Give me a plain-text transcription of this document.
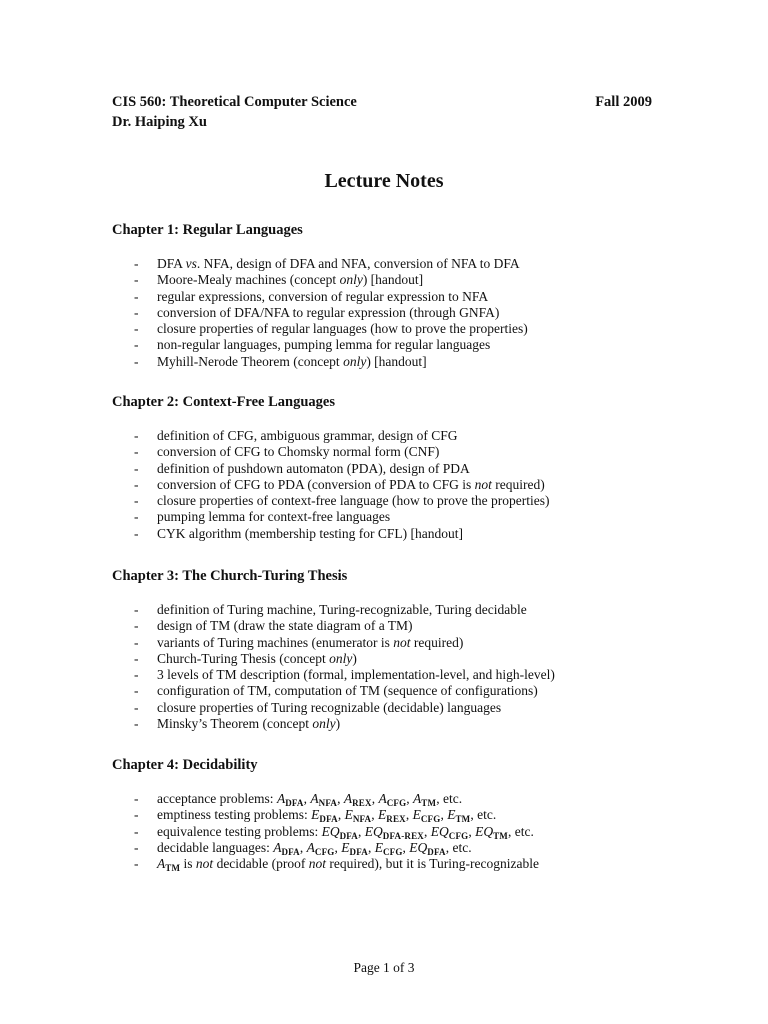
CIS 560: Theoretical Computer Science	Fall 2009
Dr. Haiping Xu
Lecture Notes
Chapter 1: Regular Languages
- DFA vs. NFA, design of DFA and NFA, conversion of NFA to DFA
- Moore-Mealy machines (concept only) [handout]
- regular expressions, conversion of regular expression to NFA
- conversion of DFA/NFA to regular expression (through GNFA)
- closure properties of regular languages (how to prove the properties)
- non-regular languages, pumping lemma for regular languages
- Myhill-Nerode Theorem (concept only) [handout]
Chapter 2: Context-Free Languages
- definition of CFG, ambiguous grammar, design of CFG
- conversion of CFG to Chomsky normal form (CNF)
- definition of pushdown automaton (PDA), design of PDA
- conversion of CFG to PDA (conversion of PDA to CFG is not required)
- closure properties of context-free language (how to prove the properties)
- pumping lemma for context-free languages
- CYK algorithm (membership testing for CFL) [handout]
Chapter 3: The Church-Turing Thesis
- definition of Turing machine, Turing-recognizable, Turing decidable
- design of TM (draw the state diagram of a TM)
- variants of Turing machines (enumerator is not required)
- Church-Turing Thesis (concept only)
- 3 levels of TM description (formal, implementation-level, and high-level)
- configuration of TM, computation of TM (sequence of configurations)
- closure properties of Turing recognizable (decidable) languages
- Minsky’s Theorem (concept only)
Chapter 4: Decidability
- acceptance problems: $A_{DFA}$, $A_{NFA}$, $A_{REX}$, $A_{CFG}$, $A_{TM}$, etc.
- emptiness testing problems: $E_{DFA}$, $E_{NFA}$, $E_{REX}$, $E_{CFG}$, $E_{TM}$, etc.
- equivalence testing problems: $EQ_{DFA}$, $EQ_{DFA-REX}$, $EQ_{CFG}$, $EQ_{TM}$, etc.
- decidable languages: $A_{DFA}$, $A_{CFG}$, $E_{DFA}$, $E_{CFG}$, $EQ_{DFA}$, etc.
- $A_{TM}$ is not decidable (proof not required), but it is Turing-recognizable
Page 1 of 3
